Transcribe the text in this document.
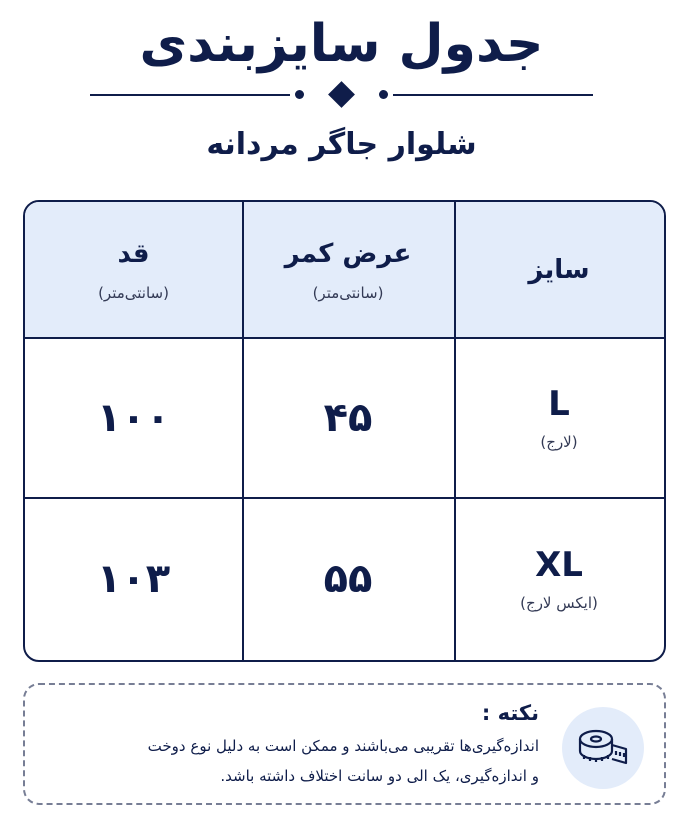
جدول سایزبندی
شلوار جاگر مردانه
سایز
عرض کمر
(سانتی‌متر)
قد
(سانتی‌متر)
L
(لارج)
۴۵
۱۰۰
XL
(ایکس لارج)
۵۵
۱۰۳
نکته :
اندازه‌گیری‌ها تقریبی می‌باشند و ممکن است به دلیل نوع دوخت
و اندازه‌گیری، یک الی دو سانت اختلاف داشته باشد.
